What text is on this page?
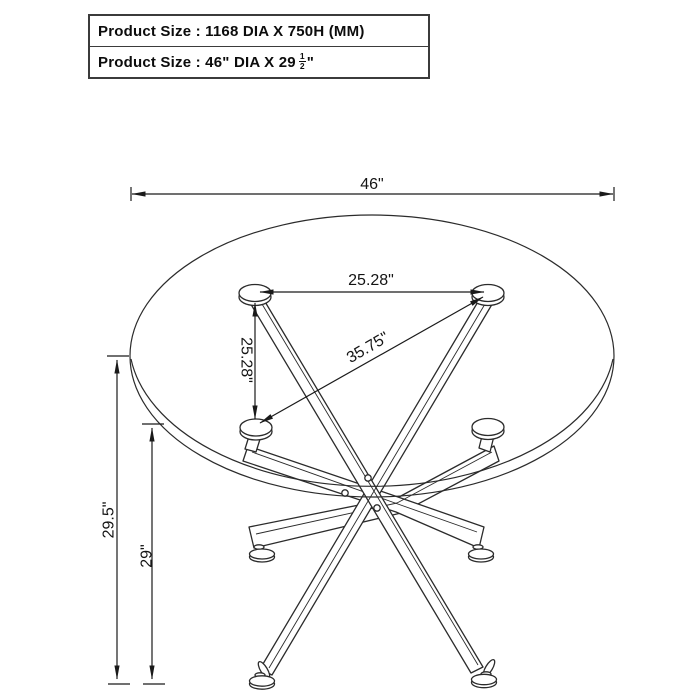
Product Size : 1168 DIA X 750H (MM)
Product Size : 46" DIA X $29 \frac{1}{2}$ "
46"
25.28"
25.28"	35.75"
29.5"
29"
